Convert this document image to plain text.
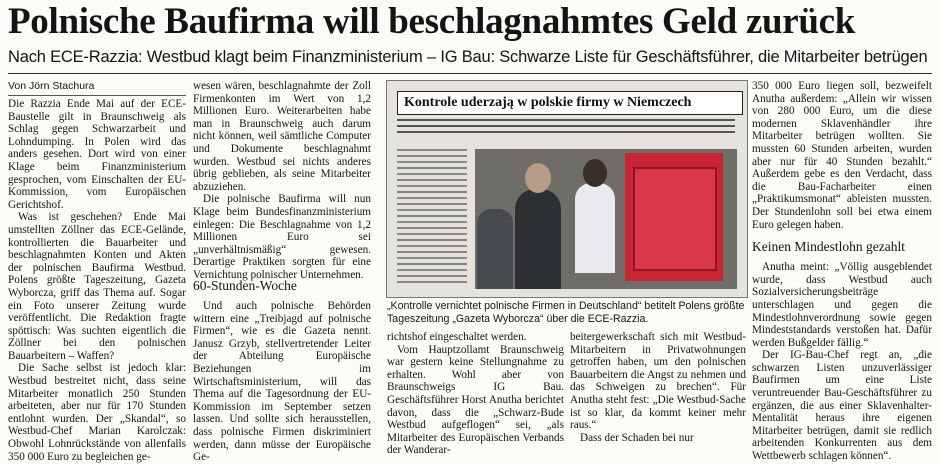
Polnische Baufirma will beschlagnahmtes Geld zurück
Nach ECE-Razzia: Westbud klagt beim Finanzministerium – IG Bau: Schwarze Liste für Geschäftsführer, die Mitarbeiter betrügen
Von Jörn Stachura

Die Razzia Ende Mai auf der ECE-Baustelle gilt in Braunschweig als Schlag gegen Schwarzarbeit und Lohndumping. In Polen wird das anders gesehen. Dort wird von einer Klage beim Finanzministerium gesprochen, vom Einschalten der EU-Kommission, vom Europäischen Gerichtshof.

Was ist geschehen? Ende Mai umstellten Zöllner das ECE-Gelände, kontrollierten die Bauarbeiter und beschlagnahmten Konten und Akten der polnischen Baufirma Westbud. Polens größte Tageszeitung, Gazeta Wyborcza, griff das Thema auf. Sogar ein Foto unserer Zeitung wurde veröffentlicht. Die Redaktion fragte spöttisch: Was suchten eigentlich die Zöllner bei den polnischen Bauarbeitern – Waffen?

Die Sache selbst ist jedoch klar: Westbud bestreitet nicht, dass seine Mitarbeiter monatlich 250 Stunden arbeiteten, aber nur für 170 Stunden entlohnt wurden. Der „Skandal“, so Westbud-Chef Marian Karolczak: Obwohl Lohnrückstände von allenfalls 350 000 Euro zu begleichen ge-

wesen wären, beschlagnahmte der Zoll Firmenkonten im Wert von 1,2 Millionen Euro. Weiterarbeiten habe man in Braunschweig auch darum nicht können, weil sämtliche Computer und Dokumente beschlagnahmt wurden. Westbud sei nichts anderes übrig geblieben, als seine Mitarbeiter abzuziehen.

Die polnische Baufirma will nun Klage beim Bundesfinanzministerium einlegen: Die Beschlagnahme von 1,2 Millionen Euro sei „unverhältnismäßig“ gewesen. Derartige Praktiken sorgten für eine Vernichtung polnischer Unternehmen.

60-Stunden-Woche

Und auch polnische Behörden wittern eine „Treibjagd auf polnische Firmen“, wie es die Gazeta nennt. Janusz Grzyb, stellvertretender Leiter der Abteilung Europäische Beziehungen im Wirtschaftsministerium, will das Thema auf die Tagesordnung der EU-Kommission im September setzen lassen. Und sollte sich herausstellen, dass polnische Firmen diskriminiert werden, dann müsse der Europäische Ge-

Kontrole uderzają w polskie firmy w Niemczech
„Kontrolle vernichtet polnische Firmen in Deutschland“ betitelt Polens größte Tageszeitung „Gazeta Wyborcza“ über die ECE-Razzia.

richtshof eingeschaltet werden.

Vom Hauptzollamt Braunschweig war gestern keine Stellungnahme zu erhalten. Wohl aber von Braunschweigs IG Bau. Geschäftsführer Horst Anutha berichtet davon, dass die „Schwarz-Bude Westbud aufgeflogen“ sei, „als Mitarbeiter des Europäischen Verbands der Wanderar-

beitergewerkschaft sich mit Westbud-Mitarbeitern in Privatwohnungen getroffen haben, um den polnischen Bauarbeitern die Angst zu nehmen und das Schweigen zu brechen“. Für Anutha steht fest: „Die Westbud-Sache ist so klar, da kommt keiner mehr raus.“

Dass der Schaden bei nur

350 000 Euro liegen soll, bezweifelt Anutha außerdem: „Allein wir wissen von 280 000 Euro, um die diese modernen Sklavenhändler ihre Mitarbeiter betrügen wollten. Sie mussten 60 Stunden arbeiten, wurden aber nur für 40 Stunden bezahlt.“ Außerdem gebe es den Verdacht, dass die Bau-Facharbeiter einen „Praktikumsmonat“ ableisten mussten. Der Stundenlohn soll bei etwa einem Euro gelegen haben.

Keinen Mindestlohn gezahlt

Anutha meint: „Völlig ausgeblendet wurde, dass Westbud auch Sozialversicherungsbeiträge unterschlagen und gegen die Mindestlohnverordnung sowie gegen Mindeststandards verstoßen hat. Dafür werden Bußgelder fällig.“

Der IG-Bau-Chef regt an, „die schwarzen Listen unzuverlässiger Baufirmen um eine Liste veruntreuender Bau-Geschäftsführer zu ergänzen, die aus einer Sklavenhalter-Mentalität heraus ihre eigenen Mitarbeiter betrügen, damit sie redlich arbeitenden Konkurrenten aus dem Wettbewerb schlagen können“.
